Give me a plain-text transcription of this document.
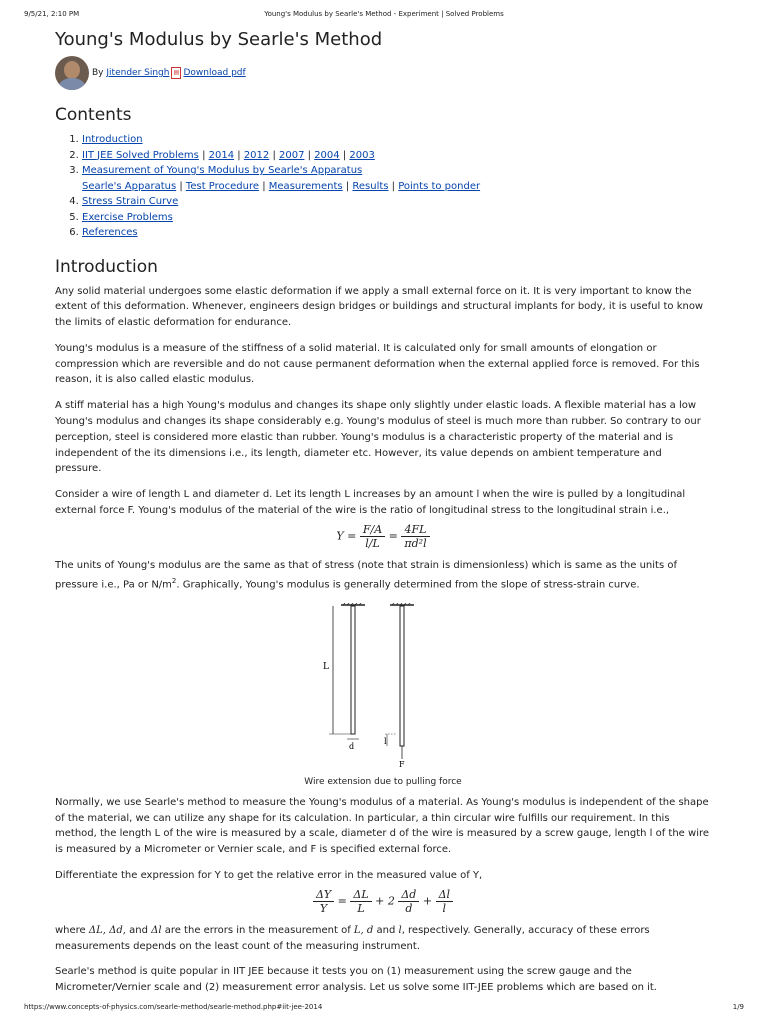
9/5/21, 2:10 PM	Young's Modulus by Searle's Method - Experiment | Solved Problems
Young's Modulus by Searle's Method
By
Jitender Singh ▤ Download pdf
Contents
1. Introduction
2. IIT JEE Solved Problems | 2014 | 2012 | 2007 | 2004 | 2003
3. Measurement of Young's Modulus by Searle's Apparatus
Searle's Apparatus | Test Procedure | Measurements | Results | Points to ponder
4. Stress Strain Curve
5. Exercise Problems
6. References
Introduction

Any solid material undergoes some elastic deformation if we apply a small external force on it. It is very important to know the extent of this deformation. Whenever, engineers design bridges or buildings and structural implants for body, it is useful to know the limits of elastic deformation for endurance.

Young's modulus is a measure of the stiffness of a solid material. It is calculated only for small amounts of elongation or compression which are reversible and do not cause permanent deformation when the external applied force is removed. For this reason, it is also called elastic modulus.

A stiff material has a high Young's modulus and changes its shape only slightly under elastic loads. A flexible material has a low Young's modulus and changes its shape considerably e.g. Young's modulus of steel is much more than rubber. So contrary to our perception, steel is considered more elastic than rubber. Young's modulus is a characteristic property of the material and is independent of the its dimensions i.e., its length, diameter etc. However, its value depends on ambient temperature and pressure.

Consider a wire of length L and diameter d. Let its length L increases by an amount l when the wire is pulled by a longitudinal external force F. Young's modulus of the material of the wire is the ratio of longitudinal stress to the longitudinal strain i.e.,

$Y = \frac{F/A}{l/L} = \frac{4FL}{\text{πd²l}}$

The units of Young's modulus are the same as that of stress (note that strain is dimensionless) which is same as the units of pressure i.e., Pa or $N/m^2$. Graphically, Young's modulus is generally determined from the slope of stress-strain curve.

L
d
l
F
Wire extension due to pulling force

Normally, we use Searle's method to measure the Young's modulus of a material. As Young's modulus is independent of the shape of the material, we can utilize any shape for its calculation. In particular, a thin circular wire fulfills our requirement. In this method, the length L of the wire is measured by a scale, diameter d of the wire is measured by a screw gauge, length l of the wire is measured by a Micrometer or Vernier scale, and F is specified external force.

Differentiate the expression for Y to get the relative error in the measured value of Y,

$\frac{\Delta Y}{Y} = \frac{\Delta L}{L} + 2 \frac{\Delta d}{d} + \frac{\Delta l}{l}$

where ΔL, Δd, and Δl are the errors in the measurement of L, d and l, respectively. Generally, accuracy of these errors measurements depends on the least count of the measuring instrument.

Searle's method is quite popular in IIT JEE because it tests you on (1) measurement using the screw gauge and the Micrometer/Vernier scale and (2) measurement error analysis. Let us solve some IIT-JEE problems which are based on it.

https://www.concepts-of-physics.com/searle-method/searle-method.php#iit-jee-2014	1/9
